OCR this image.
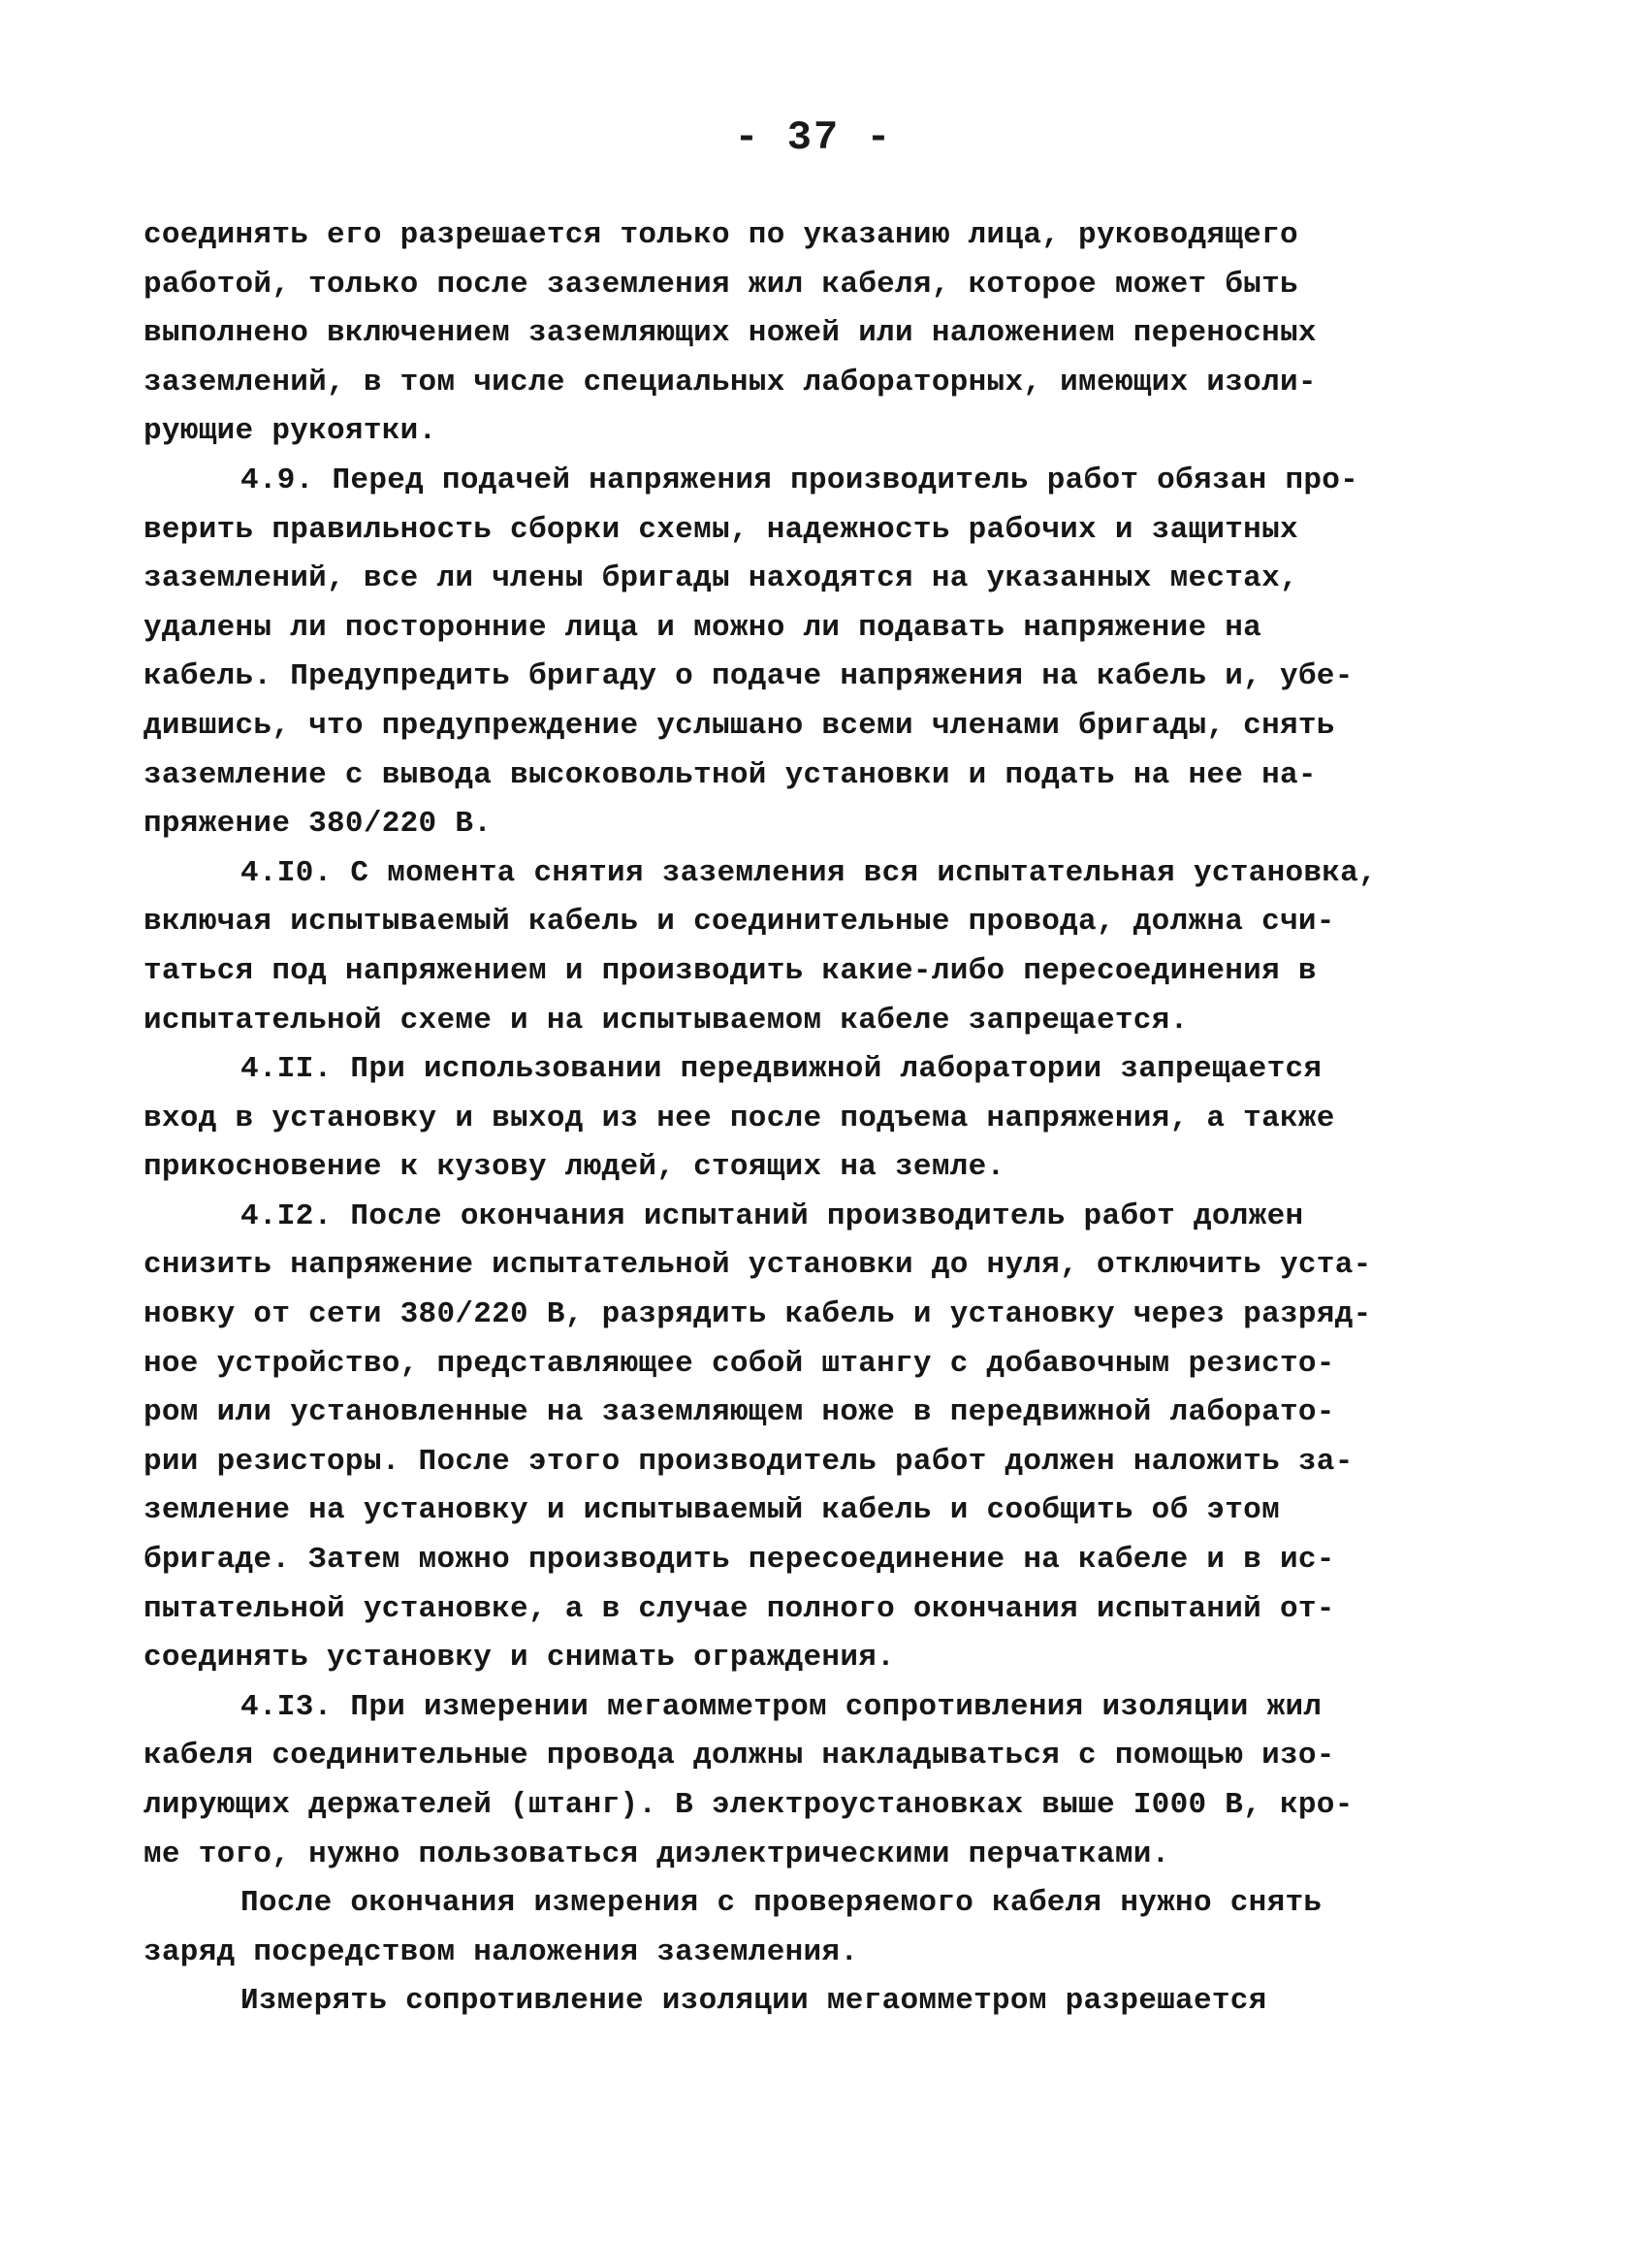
- 37 -
соединять его разрешается только по указанию лица, руководящего
работой, только после заземления жил кабеля, которое может быть
выполнено включением заземляющих ножей или наложением переносных
заземлений, в том числе специальных лабораторных, имеющих изоли-
рующие рукоятки.
4.9. Перед подачей напряжения производитель работ обязан про-
верить правильность сборки схемы, надежность рабочих и защитных
заземлений, все ли члены бригады находятся на указанных местах,
удалены ли посторонние лица и можно ли подавать напряжение на
кабель. Предупредить бригаду о подаче напряжения на кабель и, убе-
дившись, что предупреждение услышано всеми членами бригады, снять
заземление с вывода высоковольтной установки и подать на нее на-
пряжение 380/220 В.
4.I0. С момента снятия заземления вся испытательная установка,
включая испытываемый кабель и соединительные провода, должна счи-
таться под напряжением и производить какие-либо пересоединения в
испытательной схеме и на испытываемом кабеле запрещается.
4.II. При использовании передвижной лаборатории запрещается
вход в установку и выход из нее после подъема напряжения, а также
прикосновение к кузову людей, стоящих на земле.
4.I2. После окончания испытаний производитель работ должен
снизить напряжение испытательной установки до нуля, отключить уста-
новку от сети 380/220 В, разрядить кабель и установку через разряд-
ное устройство, представляющее собой штангу с добавочным резисто-
ром или установленные на заземляющем ноже в передвижной лаборато-
рии резисторы. После этого производитель работ должен наложить за-
земление на установку и испытываемый кабель и сообщить об этом
бригаде. Затем можно производить пересоединение на кабеле и в ис-
пытательной установке, а в случае полного окончания испытаний от-
соединять установку и снимать ограждения.
4.I3. При измерении мегаомметром сопротивления изоляции жил
кабеля соединительные провода должны накладываться с помощью изо-
лирующих держателей (штанг). В электроустановках выше I000 В, кро-
ме того, нужно пользоваться диэлектрическими перчатками.
После окончания измерения с проверяемого кабеля нужно снять
заряд посредством наложения заземления.
Измерять сопротивление изоляции мегаомметром разрешается
